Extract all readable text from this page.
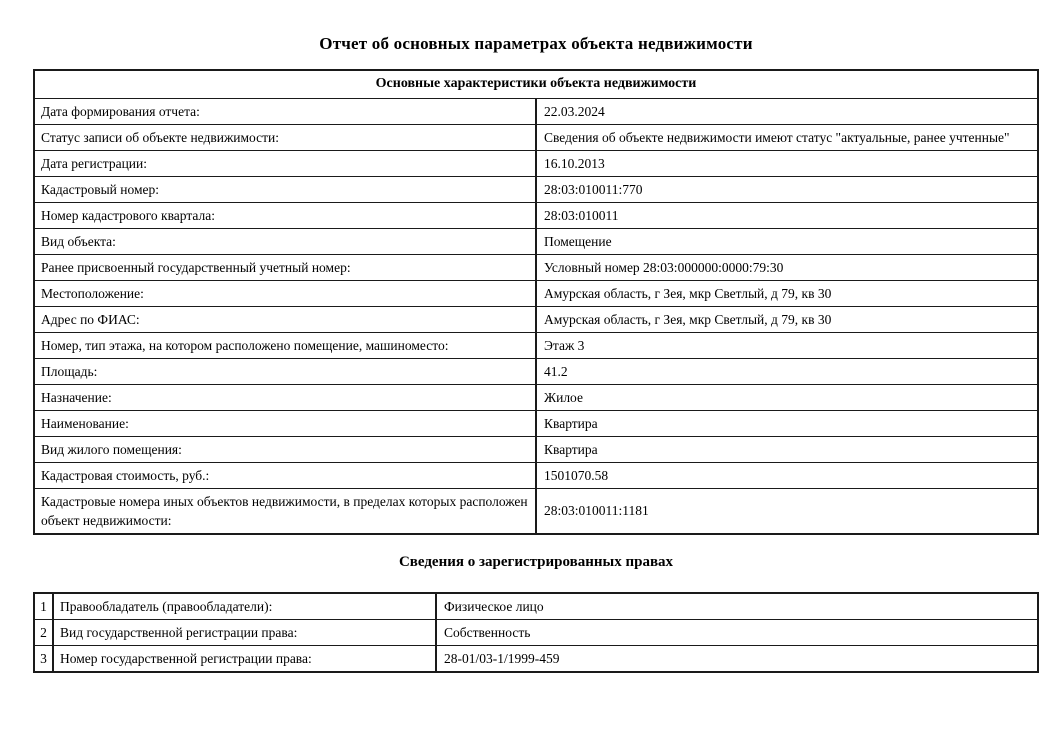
Отчет об основных параметрах объекта недвижимости
Основные характеристики объекта недвижимости	
Дата формирования отчета:	22.03.2024
Статус записи об объекте недвижимости:	Сведения об объекте недвижимости имеют статус "актуальные, ранее учтенные"
Дата регистрации:	16.10.2013
Кадастровый номер:	28:03:010011:770
Номер кадастрового квартала:	28:03:010011
Вид объекта:	Помещение
Ранее присвоенный государственный учетный номер:	Условный номер 28:03:000000:0000:79:30
Местоположение:	Амурская область, г Зея, мкр Светлый, д 79, кв 30
Адрес по ФИАС:	Амурская область, г Зея, мкр Светлый, д 79, кв 30
Номер, тип этажа, на котором расположено помещение, машиноместо:	Этаж 3
Площадь:	41.2
Назначение:	Жилое
Наименование:	Квартира
Вид жилого помещения:	Квартира
Кадастровая стоимость, руб.:	1501070.58
Кадастровые номера иных объектов недвижимости, в пределах которых расположен объект недвижимости:	28:03:010011:1181
Сведения о зарегистрированных правах
1	Правообладатель (правообладатели):	Физическое лицо
2	Вид государственной регистрации права:	Собственность
3	Номер государственной регистрации права:	28-01/03-1/1999-459
